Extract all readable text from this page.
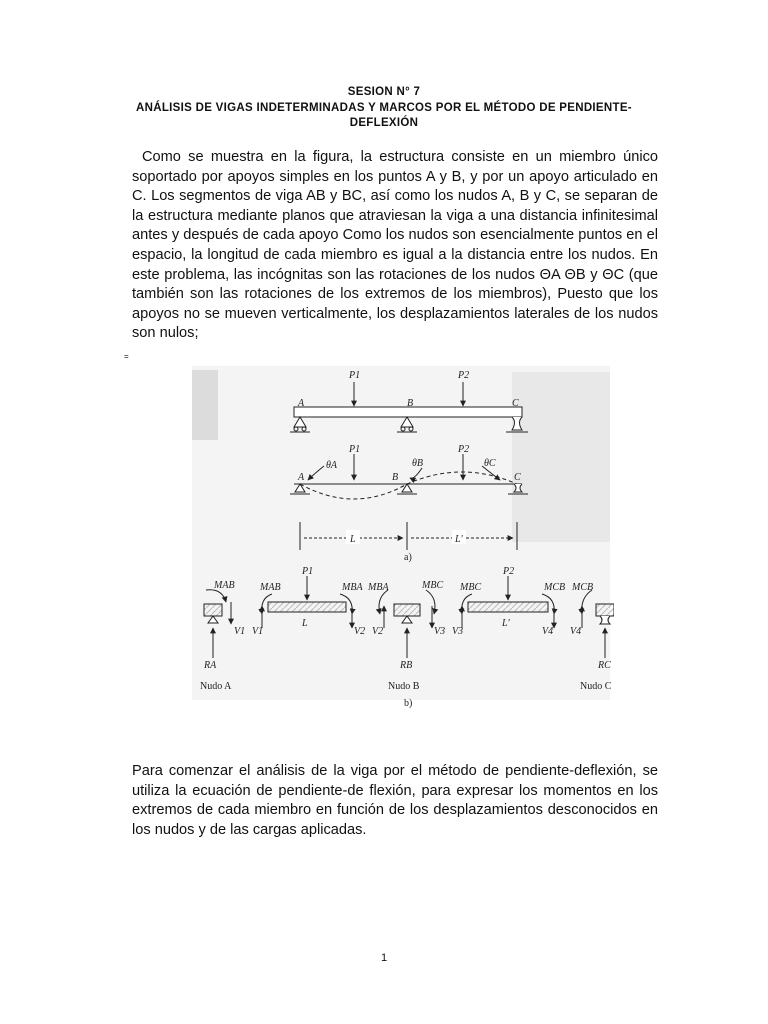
SESION N° 7
ANÁLISIS DE VIGAS INDETERMINADAS Y MARCOS POR EL MÉTODO DE PENDIENTE-
DEFLEXIÓN
Como se muestra en la figura, la estructura consiste en un miembro único soportado por apoyos simples en los puntos A y B, y por un apoyo articulado en C. Los segmentos de viga AB y BC, así como los nudos A, B y C, se separan de la estructura mediante planos que atraviesan la viga a una distancia infinitesimal antes y después de cada apoyo Como los nudos son esencialmente puntos en el espacio, la longitud de cada miembro es igual a la distancia entre los nudos. En este problema, las incógnitas son las rotaciones de los nudos ΘA ΘB y ΘC (que también son las rotaciones de los extremos de los miembros), Puesto que los apoyos no se mueven verticalmente, los desplazamientos laterales de los nudos son nulos;
=
P1	P2
A	B	C
P1	P2
θA	θB	θC
A	B	C
L	L'
a)
MAB
V1
RA
Nudo A
P1
MAB
V1
L
MBA
V2
MBA
V2
MBC
V3
RB
Nudo B
P2
MBC
V3
L'
MCB
V4
MCB
V4
RC
Nudo C
b)
Para comenzar el análisis de la viga por el método de pendiente-deflexión, se utiliza la ecuación de pendiente-de flexión, para expresar los momentos en los extremos de cada miembro en función de los desplazamientos desconocidos en los nudos y de las cargas aplicadas.
1
